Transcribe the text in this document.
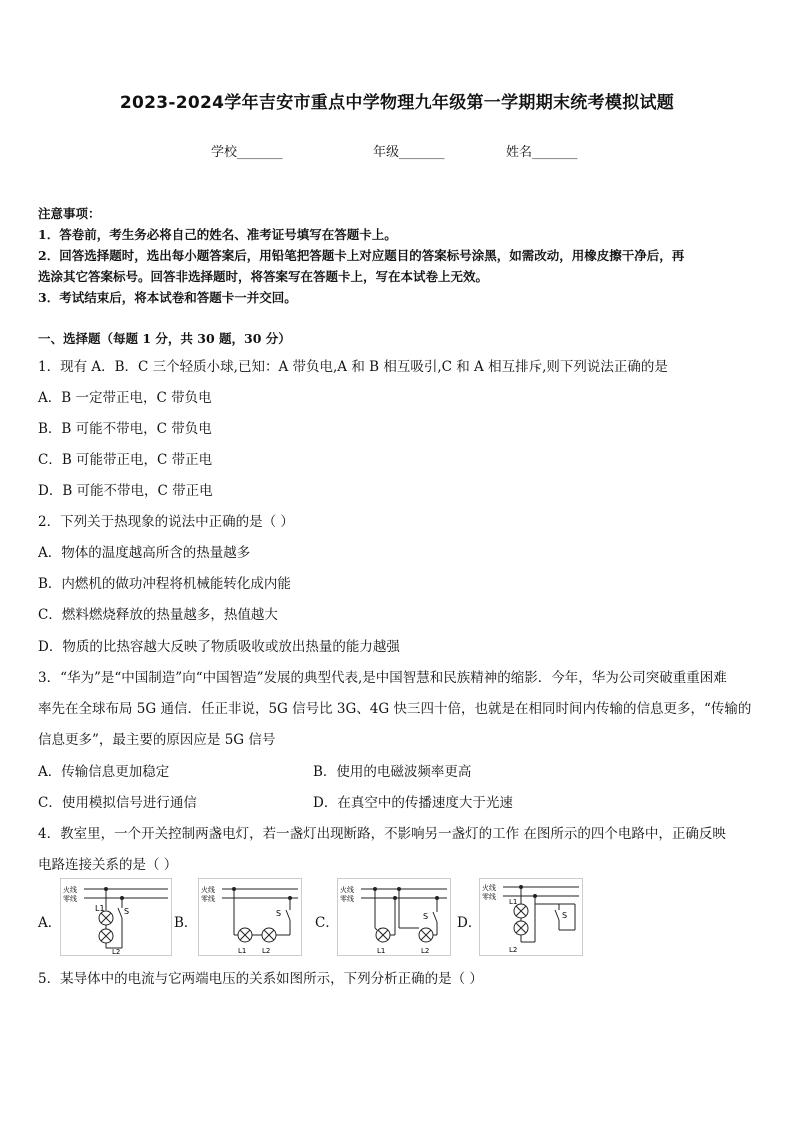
2023-2024学年吉安市重点中学物理九年级第一学期期末统考模拟试题
学校_______	年级_______	姓名_______
注意事项：
1．答卷前，考生务必将自己的姓名、准考证号填写在答题卡上。
2．回答选择题时，选出每小题答案后，用铅笔把答题卡上对应题目的答案标号涂黑，如需改动，用橡皮擦干净后，再
选涂其它答案标号。回答非选择题时，将答案写在答题卡上，写在本试卷上无效。
3．考试结束后，将本试卷和答题卡一并交回。
一、选择题（每题 1 分，共 30 题，30 分）
1．现有 A．B．C 三个轻质小球,已知：A 带负电,A 和 B 相互吸引,C 和 A 相互排斥,则下列说法正确的是
A．B 一定带正电，C 带负电
B．B 可能不带电，C 带负电
C．B 可能带正电，C 带正电
D．B 可能不带电，C 带正电
2．下列关于热现象的说法中正确的是（ ）
A．物体的温度越高所含的热量越多
B．内燃机的做功冲程将机械能转化成内能
C．燃料燃烧释放的热量越多，热值越大
D．物质的比热容越大反映了物质吸收或放出热量的能力越强
3．“华为”是“中国制造”向“中国智造”发展的典型代表,是中国智慧和民族精神的缩影．今年，华为公司突破重重困难
率先在全球布局 5G 通信．任正非说，5G 信号比 3G、4G 快三四十倍，也就是在相同时间内传输的信息更多，“传输的
信息更多”，最主要的原因应是 5G 信号
A．传输信息更加稳定	B．使用的电磁波频率更高
C．使用模拟信号进行通信	D．在真空中的传播速度大于光速
4．教室里，一个开关控制两盏电灯，若一盏灯出现断路，不影响另一盏灯的工作 在图所示的四个电路中，正确反映
电路连接关系的是（ ）
A．	B．	C．	D．
火线
零线
L1 S
L2
火线
零线
S
L1 L2
火线
零线
S
L1	L2
火线
零线
S
L1
L2
5．某导体中的电流与它两端电压的关系如图所示，下列分析正确的是（ ）
